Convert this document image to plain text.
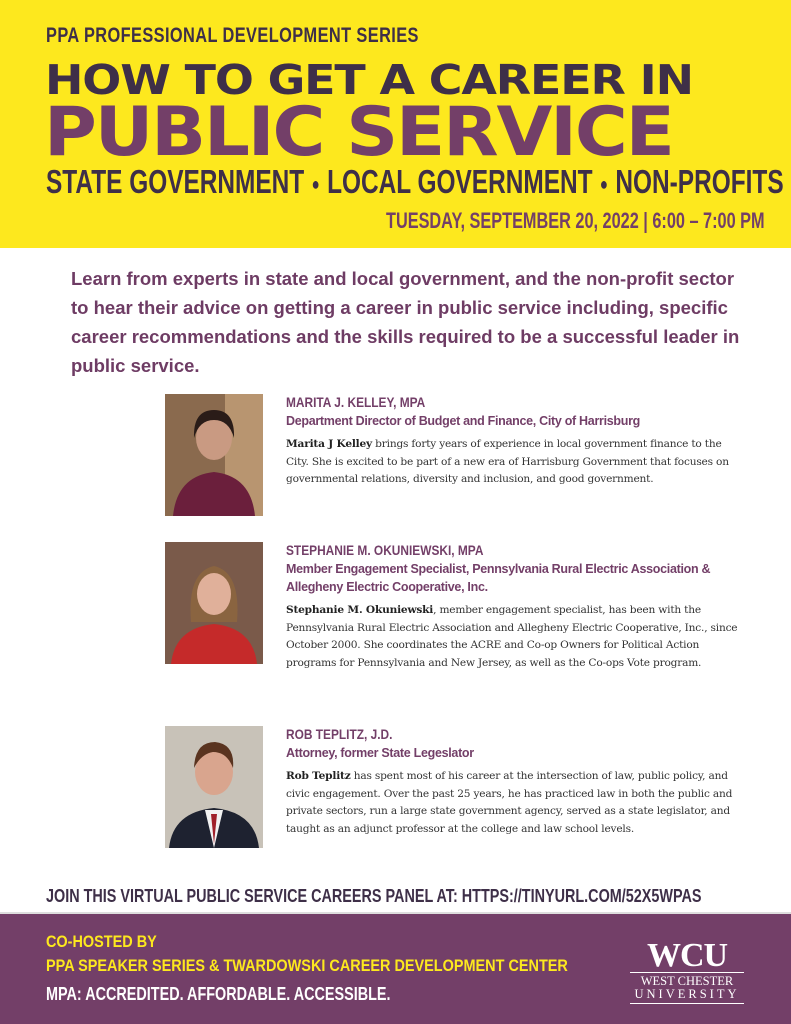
PPA PROFESSIONAL DEVELOPMENT SERIES
HOW TO GET A CAREER IN
PUBLIC SERVICE
STATE GOVERNMENT ● LOCAL GOVERNMENT ● NON-PROFITS
TUESDAY, SEPTEMBER 20, 2022 | 6:00 – 7:00 PM
Learn from experts in state and local government, and the non-profit sector to hear their advice on getting a career in public service including, specific career recommendations and the skills required to be a successful leader in public service.
MARITA J. KELLEY, MPA
Department Director of Budget and Finance, City of Harrisburg
Marita J Kelley brings forty years of experience in local government finance to the City. She is excited to be part of a new era of Harrisburg Government that focuses on governmental relations, diversity and inclusion, and good government.
STEPHANIE M. OKUNIEWSKI, MPA
Member Engagement Specialist, Pennsylvania Rural Electric Association & Allegheny Electric Cooperative, Inc.
Stephanie M. Okuniewski, member engagement specialist, has been with the Pennsylvania Rural Electric Association and Allegheny Electric Cooperative, Inc., since October 2000. She coordinates the ACRE and Co-op Owners for Political Action programs for Pennsylvania and New Jersey, as well as the Co-ops Vote program.
ROB TEPLITZ, J.D.
Attorney, former State Legeslator
Rob Teplitz has spent most of his career at the intersection of law, public policy, and civic engagement. Over the past 25 years, he has practiced law in both the public and private sectors, run a large state government agency, served as a state legislator, and taught as an adjunct professor at the college and law school levels.
JOIN THIS VIRTUAL PUBLIC SERVICE CAREERS PANEL AT: HTTPS://TINYURL.COM/52X5WPAS
CO-HOSTED BY
PPA SPEAKER SERIES & TWARDOWSKI CAREER DEVELOPMENT CENTER
MPA: ACCREDITED. AFFORDABLE. ACCESSIBLE.
WCU
WEST CHESTER
UNIVERSITY
